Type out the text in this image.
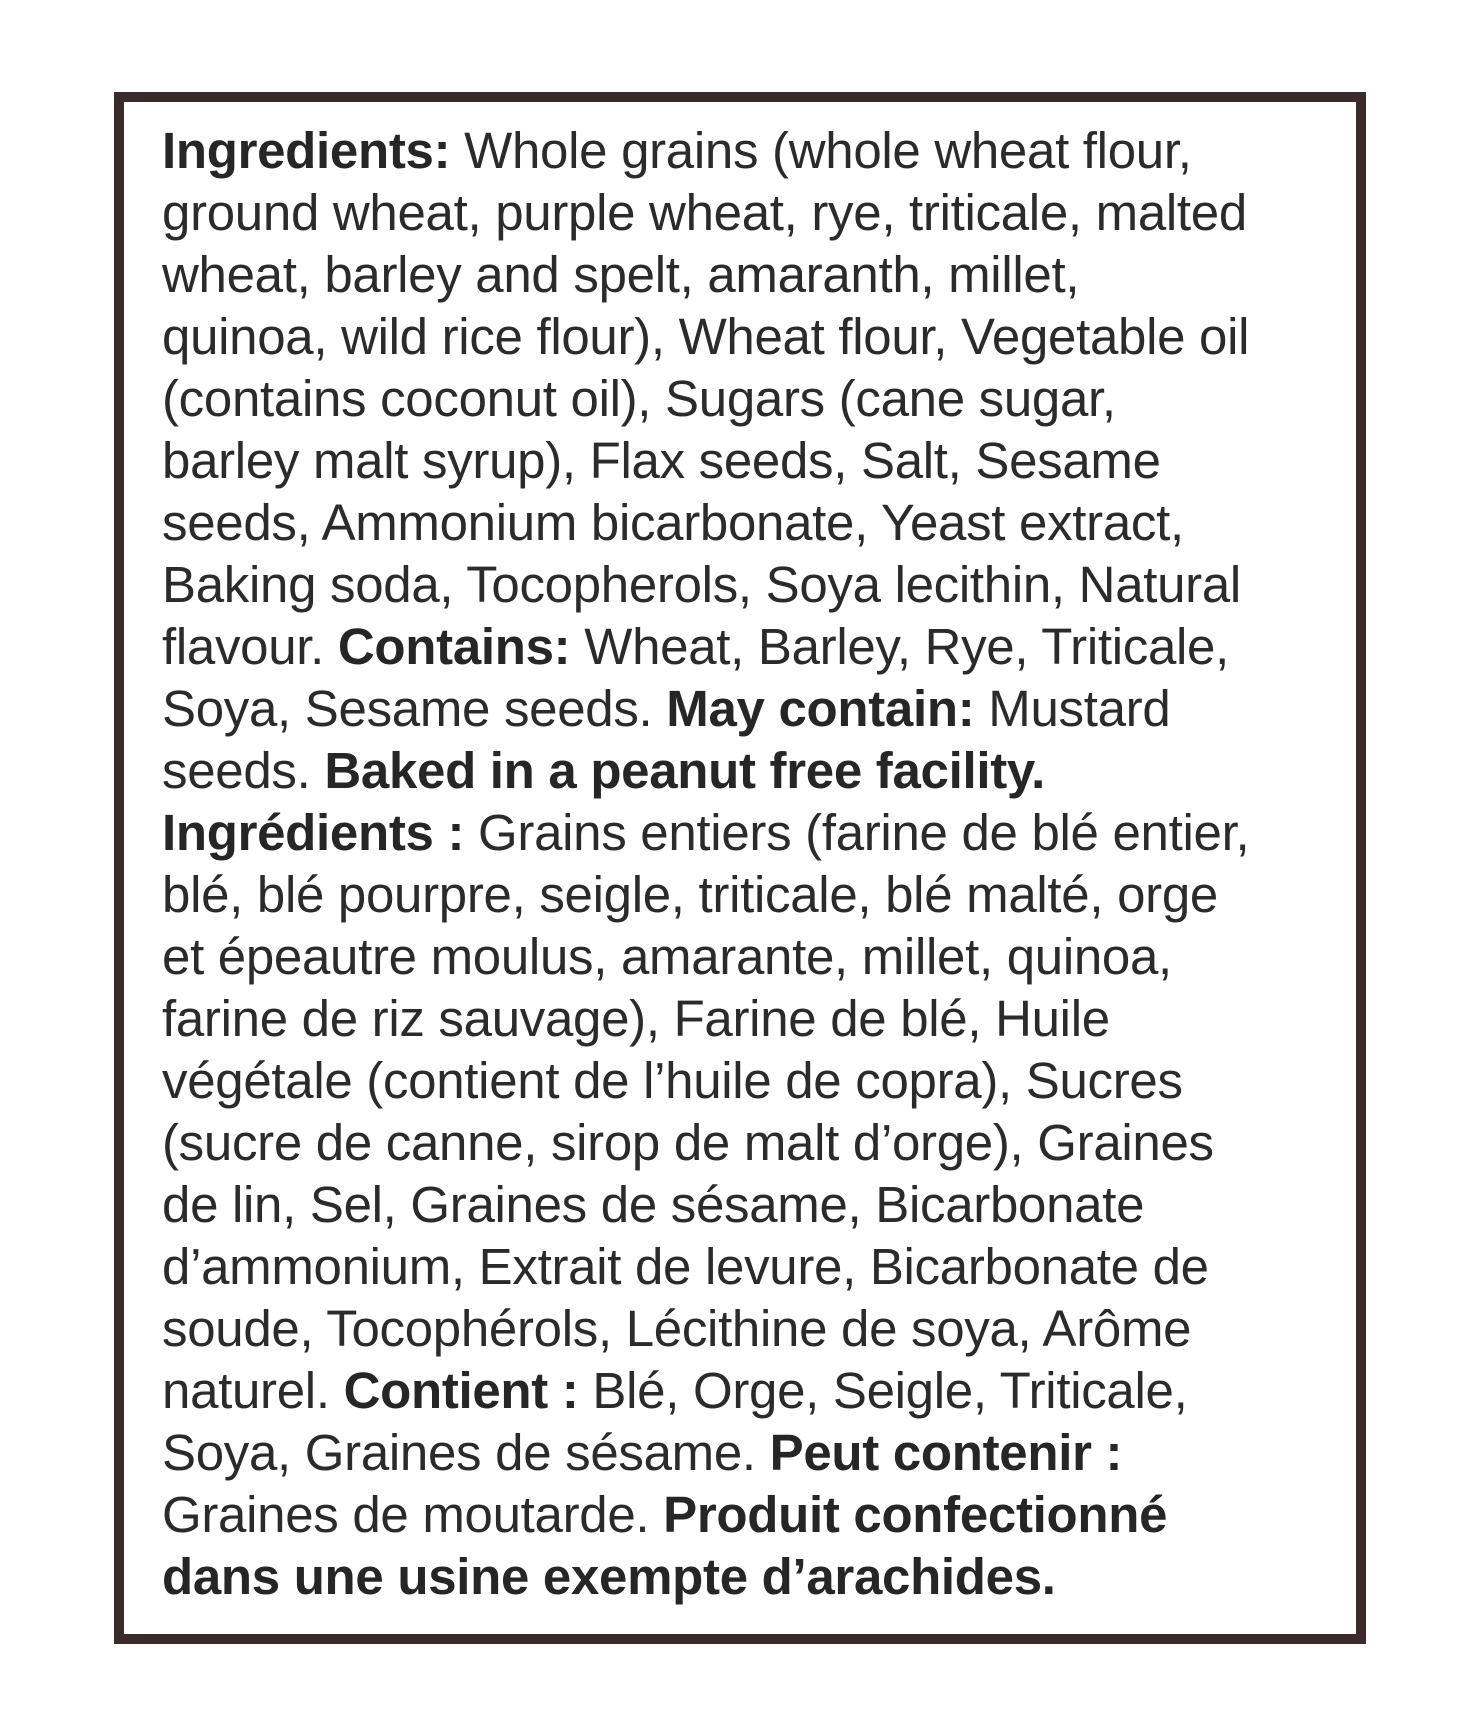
Ingredients: Whole grains (whole wheat flour,
ground wheat, purple wheat, rye, triticale, malted
wheat, barley and spelt, amaranth, millet,
quinoa, wild rice flour), Wheat flour, Vegetable oil
(contains coconut oil), Sugars (cane sugar,
barley malt syrup), Flax seeds, Salt, Sesame
seeds, Ammonium bicarbonate, Yeast extract,
Baking soda, Tocopherols, Soya lecithin, Natural
flavour. Contains: Wheat, Barley, Rye, Triticale,
Soya, Sesame seeds. May contain: Mustard
seeds. Baked in a peanut free facility.
Ingrédients : Grains entiers (farine de blé entier,
blé, blé pourpre, seigle, triticale, blé malté, orge
et épeautre moulus, amarante, millet, quinoa,
farine de riz sauvage), Farine de blé, Huile
végétale (contient de l’huile de copra), Sucres
(sucre de canne, sirop de malt d’orge), Graines
de lin, Sel, Graines de sésame, Bicarbonate
d’ammonium, Extrait de levure, Bicarbonate de
soude, Tocophérols, Lécithine de soya, Arôme
naturel. Contient : Blé, Orge, Seigle, Triticale,
Soya, Graines de sésame. Peut contenir :
Graines de moutarde. Produit confectionné
dans une usine exempte d’arachides.
